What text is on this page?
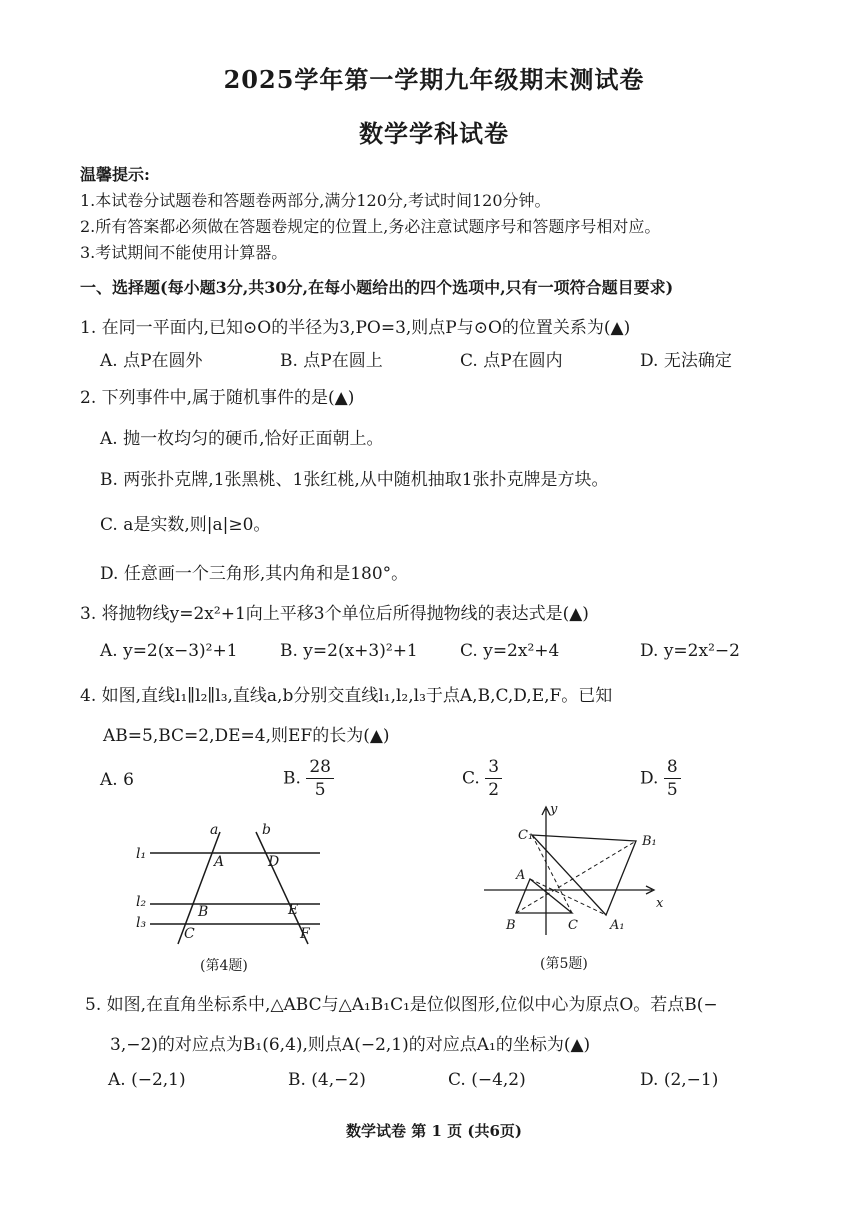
2025学年第一学期九年级期末测试卷
数学学科试卷
温馨提示:
1.本试卷分试题卷和答题卷两部分,满分120分,考试时间120分钟。
2.所有答案都必须做在答题卷规定的位置上,务必注意试题序号和答题序号相对应。
3.考试期间不能使用计算器。
一、选择题(每小题3分,共30分,在每小题给出的四个选项中,只有一项符合题目要求)
1. 在同一平面内,已知⊙O的半径为3,PO=3,则点P与⊙O的位置关系为(▲)
A. 点P在圆外	B. 点P在圆上	C. 点P在圆内	D. 无法确定
2. 下列事件中,属于随机事件的是(▲)
A. 抛一枚均匀的硬币,恰好正面朝上。
B. 两张扑克牌,1张黑桃、1张红桃,从中随机抽取1张扑克牌是方块。
C. a是实数,则|a|≥0。
D. 任意画一个三角形,其内角和是180°。
3. 将抛物线y=2x²+1向上平移3个单位后所得抛物线的表达式是(▲)
A. y=2(x−3)²+1 B. y=2(x+3)²+1 C. y=2x²+4	D. y=2x²−2
4. 如图,直线l₁∥l₂∥l₃,直线a,b分别交直线l₁,l₂,l₃于点A,B,C,D,E,F。已知
AB=5,BC=2,DE=4,则EF的长为(▲)
A. 6	B. $\frac{28}{5}$	C. $\frac{3}{2}$	D. $\frac{8}{5}$
l₁
l₂
l₃
a	b
A
B
C
D
E
F
(第4题)
y
x
C₁	B₁
A
B	C A₁
(第5题)
5. 如图,在直角坐标系中,△ABC与△A₁B₁C₁是位似图形,位似中心为原点O。若点B(−
3,−2)的对应点为B₁(6,4),则点A(−2,1)的对应点A₁的坐标为(▲)
A. (−2,1)	B. (4,−2)	C. (−4,2)	D. (2,−1)
数学试卷 第 1 页 (共6页)
